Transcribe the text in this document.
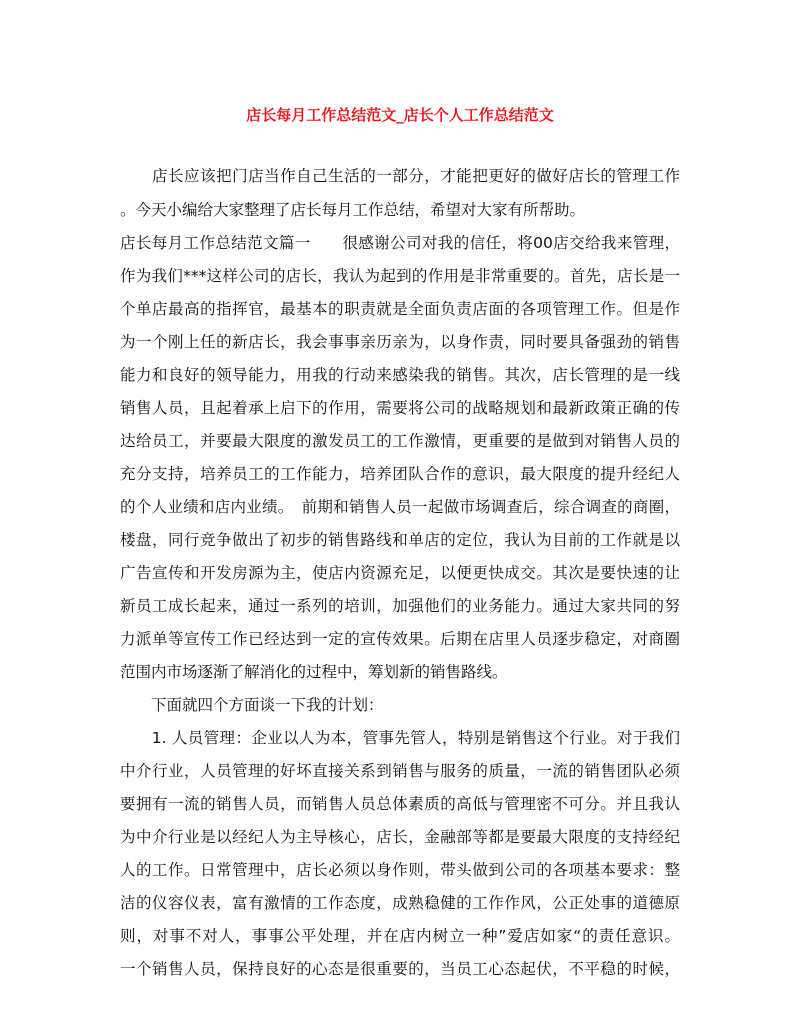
店长每月工作总结范文_店长个人工作总结范文
　　店长应该把门店当作自己生活的一部分，才能把更好的做好店长的管理工作
。今天小编给大家整理了店长每月工作总结，希望对大家有所帮助。
店长每月工作总结范文篇一　　很感谢公司对我的信任，将00店交给我来管理，
作为我们***这样公司的店长，我认为起到的作用是非常重要的。首先，店长是一
个单店最高的指挥官，最基本的职责就是全面负责店面的各项管理工作。但是作
为一个刚上任的新店长，我会事事亲历亲为，以身作责，同时要具备强劲的销售
能力和良好的领导能力，用我的行动来感染我的销售。其次，店长管理的是一线
销售人员，且起着承上启下的作用，需要将公司的战略规划和最新政策正确的传
达给员工，并要最大限度的激发员工的工作激情，更重要的是做到对销售人员的
充分支持，培养员工的工作能力，培养团队合作的意识，最大限度的提升经纪人
的个人业绩和店内业绩。　前期和销售人员一起做市场调查后，综合调查的商圈，
楼盘，同行竞争做出了初步的销售路线和单店的定位，我认为目前的工作就是以
广告宣传和开发房源为主，使店内资源充足，以便更快成交。其次是要快速的让
新员工成长起来，通过一系列的培训，加强他们的业务能力。通过大家共同的努
力派单等宣传工作已经达到一定的宣传效果。后期在店里人员逐步稳定，对商圈
范围内市场逐渐了解消化的过程中，筹划新的销售路线。
　　下面就四个方面谈一下我的计划：
　　1. 人员管理：企业以人为本，管事先管人，特别是销售这个行业。对于我们
中介行业，人员管理的好坏直接关系到销售与服务的质量，一流的销售团队必须
要拥有一流的销售人员，而销售人员总体素质的高低与管理密不可分。并且我认
为中介行业是以经纪人为主导核心，店长，金融部等都是要最大限度的支持经纪
人的工作。日常管理中，店长必须以身作则，带头做到公司的各项基本要求：整
洁的仪容仪表，富有激情的工作态度，成熟稳健的工作作风，公正处事的道德原
则，对事不对人，事事公平处理，并在店内树立一种”爱店如家“的责任意识。
一个销售人员，保持良好的心态是很重要的，当员工心态起伏，不平稳的时候，
